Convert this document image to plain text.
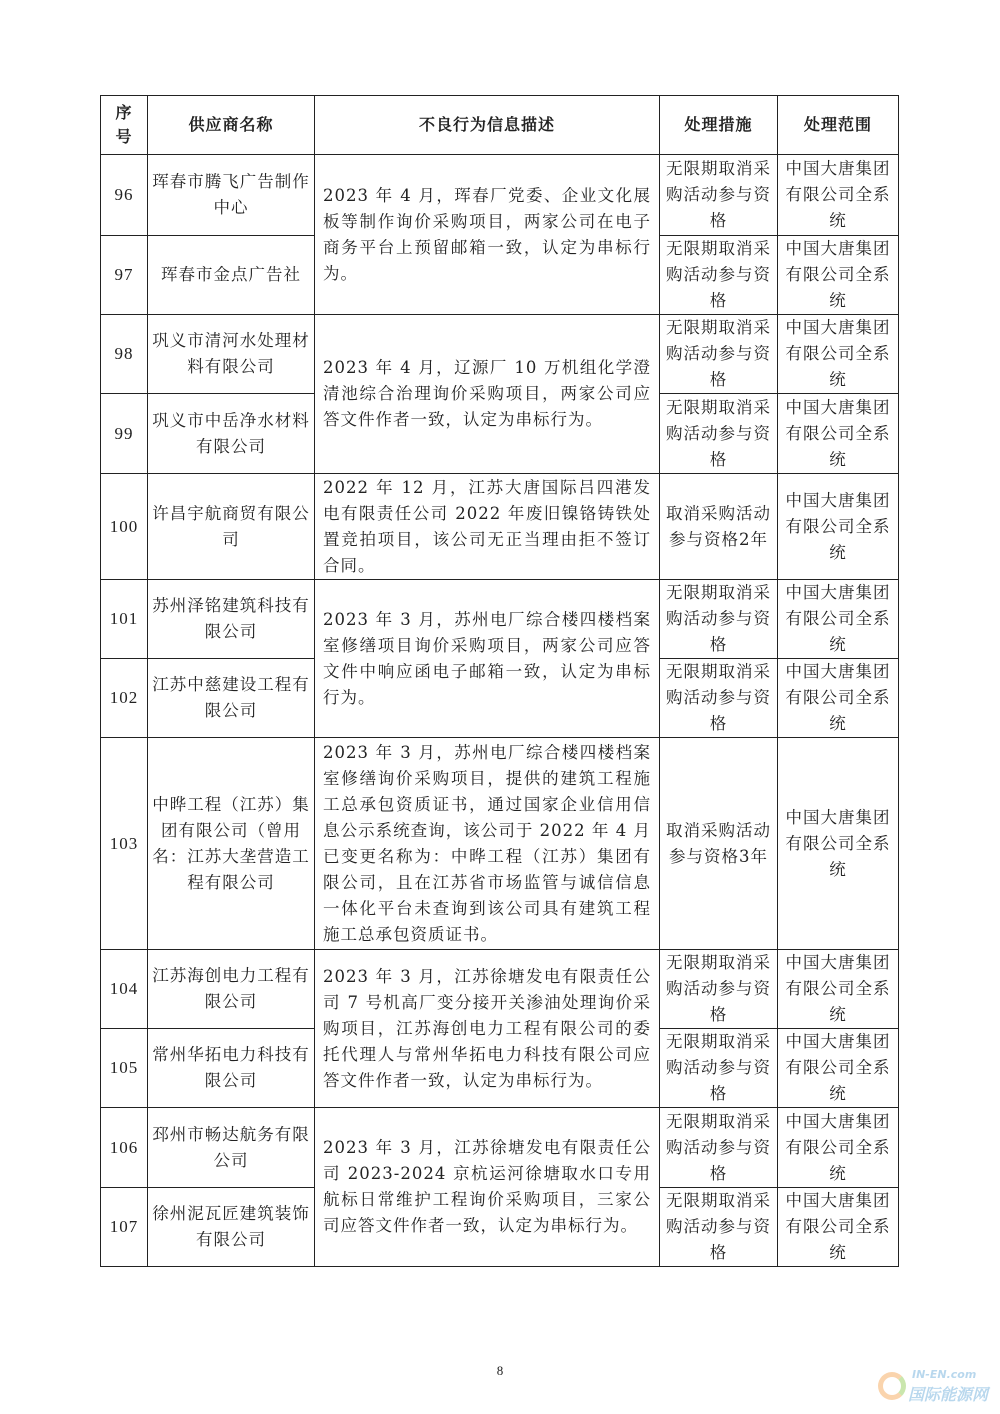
序号	供应商名称	不良行为信息描述	处理措施	处理范围
96	珲春市腾飞广告制作中心	2023 年 4 月，珲春厂党委、企业文化展板等制作询价采购项目，两家公司在电子商务平台上预留邮箱一致，认定为串标行为。	无限期取消采购活动参与资格	中国大唐集团有限公司全系统
97	珲春市金点广告社		无限期取消采购活动参与资格	中国大唐集团有限公司全系统
98	巩义市清河水处理材料有限公司	2023 年 4 月，辽源厂 10 万机组化学澄清池综合治理询价采购项目，两家公司应答文件作者一致，认定为串标行为。	无限期取消采购活动参与资格	中国大唐集团有限公司全系统
99	巩义市中岳净水材料有限公司		无限期取消采购活动参与资格	中国大唐集团有限公司全系统
100	许昌宇航商贸有限公司	2022 年 12 月，江苏大唐国际吕四港发电有限责任公司 2022 年废旧镍铬铸铁处置竞拍项目，该公司无正当理由拒不签订合同。	取消采购活动参与资格2年	中国大唐集团有限公司全系统
101	苏州泽铭建筑科技有限公司	2023 年 3 月，苏州电厂综合楼四楼档案室修缮项目询价采购项目，两家公司应答文件中响应函电子邮箱一致，认定为串标行为。	无限期取消采购活动参与资格	中国大唐集团有限公司全系统
102	江苏中慈建设工程有限公司		无限期取消采购活动参与资格	中国大唐集团有限公司全系统
103	中晔工程（江苏）集团有限公司（曾用名：江苏大垄营造工程有限公司	2023 年 3 月，苏州电厂综合楼四楼档案室修缮询价采购项目，提供的建筑工程施工总承包资质证书，通过国家企业信用信息公示系统查询，该公司于 2022 年 4 月已变更名称为：中晔工程（江苏）集团有限公司，且在江苏省市场监管与诚信信息一体化平台未查询到该公司具有建筑工程施工总承包资质证书。	取消采购活动参与资格3年	中国大唐集团有限公司全系统
104	江苏海创电力工程有限公司	2023 年 3 月，江苏徐塘发电有限责任公司 7 号机高厂变分接开关渗油处理询价采购项目，江苏海创电力工程有限公司的委托代理人与常州华拓电力科技有限公司应答文件作者一致，认定为串标行为。	无限期取消采购活动参与资格	中国大唐集团有限公司全系统
105	常州华拓电力科技有限公司		无限期取消采购活动参与资格	中国大唐集团有限公司全系统
106	邳州市畅达航务有限公司	2023 年 3 月，江苏徐塘发电有限责任公司 2023-2024 京杭运河徐塘取水口专用航标日常维护工程询价采购项目，三家公司应答文件作者一致，认定为串标行为。	无限期取消采购活动参与资格	中国大唐集团有限公司全系统
107	徐州泥瓦匠建筑装饰有限公司		无限期取消采购活动参与资格	中国大唐集团有限公司全系统
8	IN-EN.com
国际能源网
